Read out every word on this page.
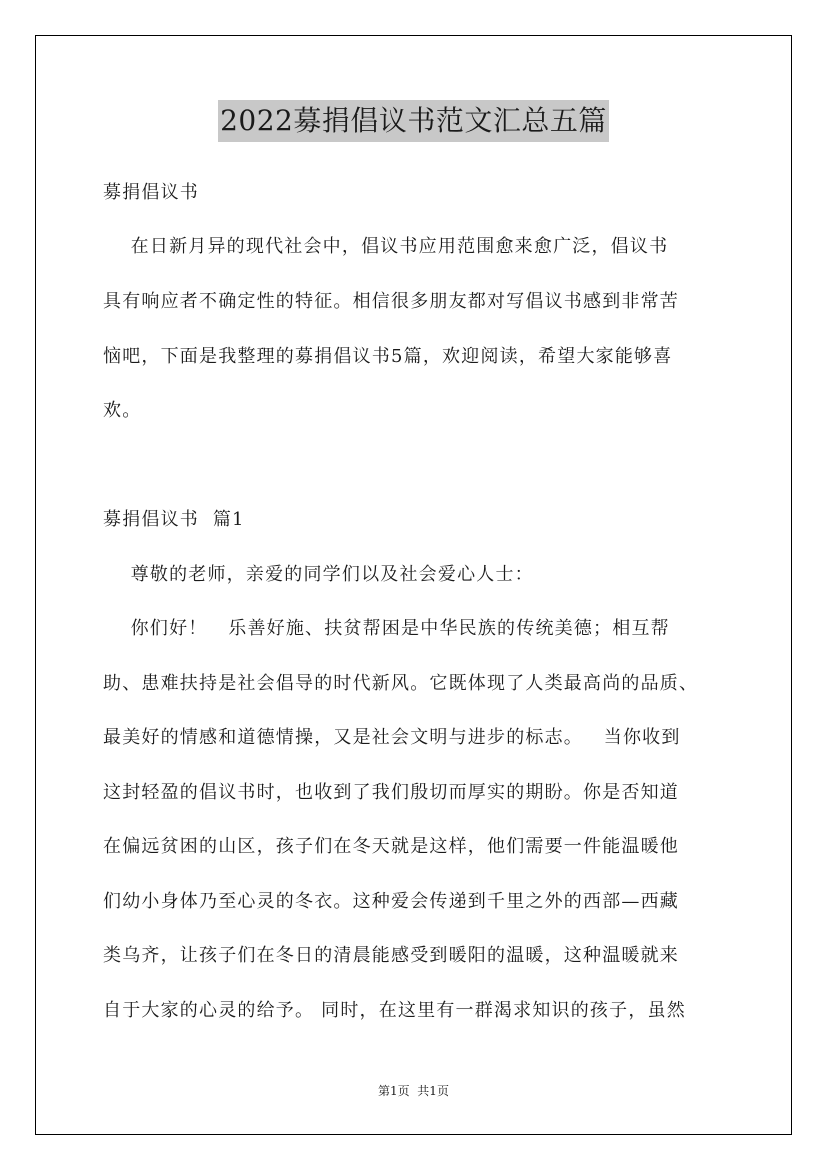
2022募捐倡议书范文汇总五篇
募捐倡议书
在日新月异的现代社会中，倡议书应用范围愈来愈广泛，倡议书
具有响应者不确定性的特征。相信很多朋友都对写倡议书感到非常苦
恼吧，下面是我整理的募捐倡议书5篇，欢迎阅读，希望大家能够喜
欢。
募捐倡议书  篇1
尊敬的老师，亲爱的同学们以及社会爱心人士：
你们好！   乐善好施、扶贫帮困是中华民族的传统美德；相互帮
助、患难扶持是社会倡导的时代新风。它既体现了人类最高尚的品质、
最美好的情感和道德情操，又是社会文明与进步的标志。   当你收到
这封轻盈的倡议书时，也收到了我们殷切而厚实的期盼。你是否知道
在偏远贫困的山区，孩子们在冬天就是这样，他们需要一件能温暖他
们幼小身体乃至心灵的冬衣。这种爱会传递到千里之外的西部—西藏
类乌齐，让孩子们在冬日的清晨能感受到暖阳的温暖，这种温暖就来
自于大家的心灵的给予。 同时，在这里有一群渴求知识的孩子，虽然
第1页  共1页
